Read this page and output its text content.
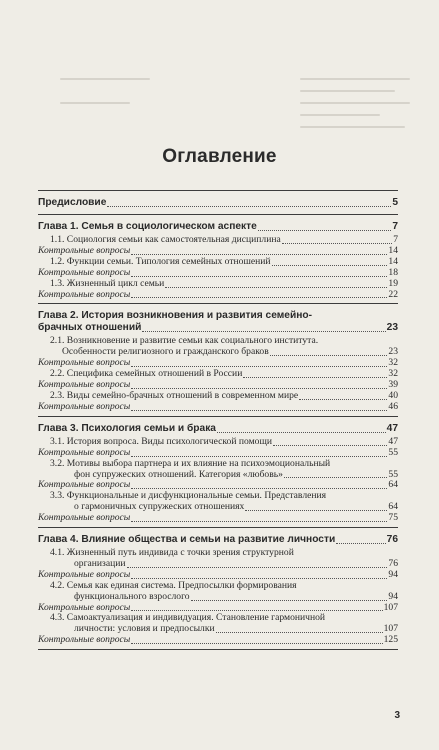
Оглавление
Предисловие	5
Глава 1. Семья в социологическом аспекте	7
1.1. Социология семьи как самостоятельная дисциплина	7
Контрольные вопросы	14
1.2. Функции семьи. Типология семейных отношений	14
Контрольные вопросы	18
1.3. Жизненный цикл семьи	19
Контрольные вопросы	22
Глава 2. История возникновения и развития семейно-
брачных отношений	23
2.1. Возникновение и развитие семьи как социального института.
Особенности религиозного и гражданского браков	23
Контрольные вопросы	32
2.2. Специфика семейных отношений в России	32
Контрольные вопросы	39
2.3. Виды семейно-брачных отношений в современном мире	40
Контрольные вопросы	46
Глава 3. Психология семьи и брака	47
3.1. История вопроса. Виды психологической помощи	47
Контрольные вопросы	55
3.2. Мотивы выбора партнера и их влияние на психоэмоциональный
фон супружеских отношений. Категория «любовь»	55
Контрольные вопросы	64
3.3. Функциональные и дисфункциональные семьи. Представления
о гармоничных супружеских отношениях	64
Контрольные вопросы	75
Глава 4. Влияние общества и семьи на развитие личности	76
4.1. Жизненный путь индивида с точки зрения структурной
организации	76
Контрольные вопросы	94
4.2. Семья как единая система. Предпосылки формирования
функционального взрослого	94
Контрольные вопросы	107
4.3. Самоактуализация и индивидуация. Становление гармоничной
личности: условия и предпосылки	107
Контрольные вопросы	125
3
